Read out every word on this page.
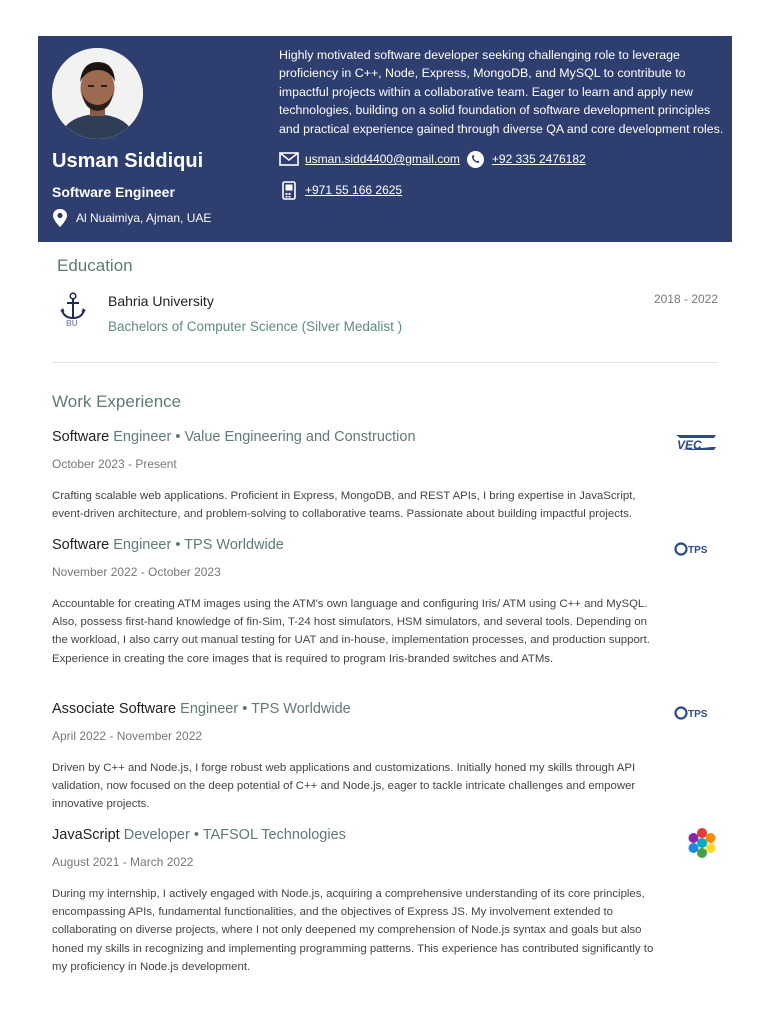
Usman Siddiqui
Software Engineer
Al Nuaimiya, Ajman, UAE
Highly motivated software developer seeking challenging role to leverage proficiency in C++, Node, Express, MongoDB, and MySQL to contribute to impactful projects within a collaborative team. Eager to learn and apply new technologies, building on a solid foundation of software development principles and practical experience gained through diverse QA and core development roles.
usman.sidd4400@gmail.com	+92 335 2476182
+971 55 166 2625
Education
BU
Bahria University
Bachelors of Computer Science (Silver Medalist )
2018 - 2022
Work Experience
Software Engineer • Value Engineering and Construction
October 2023 - Present
Crafting scalable web applications. Proficient in Express, MongoDB, and REST APIs, I bring expertise in JavaScript, event-driven architecture, and problem-solving to collaborative teams. Passionate about building impactful projects.
VEC
Software Engineer • TPS Worldwide
November 2022 - October 2023
Accountable for creating ATM images using the ATM's own language and configuring Iris/ ATM using C++ and MySQL. Also, possess first-hand knowledge of fin-Sim, T-24 host simulators, HSM simulators, and several tools. Depending on the workload, I also carry out manual testing for UAT and in-house, implementation processes, and production support. Experience in creating the core images that is required to program Iris-branded switches and ATMs.
TPS
Associate Software Engineer • TPS Worldwide
April 2022 - November 2022
Driven by C++ and Node.js, I forge robust web applications and customizations. Initially honed my skills through API validation, now focused on the deep potential of C++ and Node.js, eager to tackle intricate challenges and empower innovative projects.
TPS
JavaScript Developer • TAFSOL Technologies
August 2021 - March 2022
During my internship, I actively engaged with Node.js, acquiring a comprehensive understanding of its core principles, encompassing APIs, fundamental functionalities, and the objectives of Express JS. My involvement extended to collaborating on diverse projects, where I not only deepened my comprehension of Node.js syntax and goals but also honed my skills in recognizing and implementing programming patterns. This experience has contributed significantly to my proficiency in Node.js development.
